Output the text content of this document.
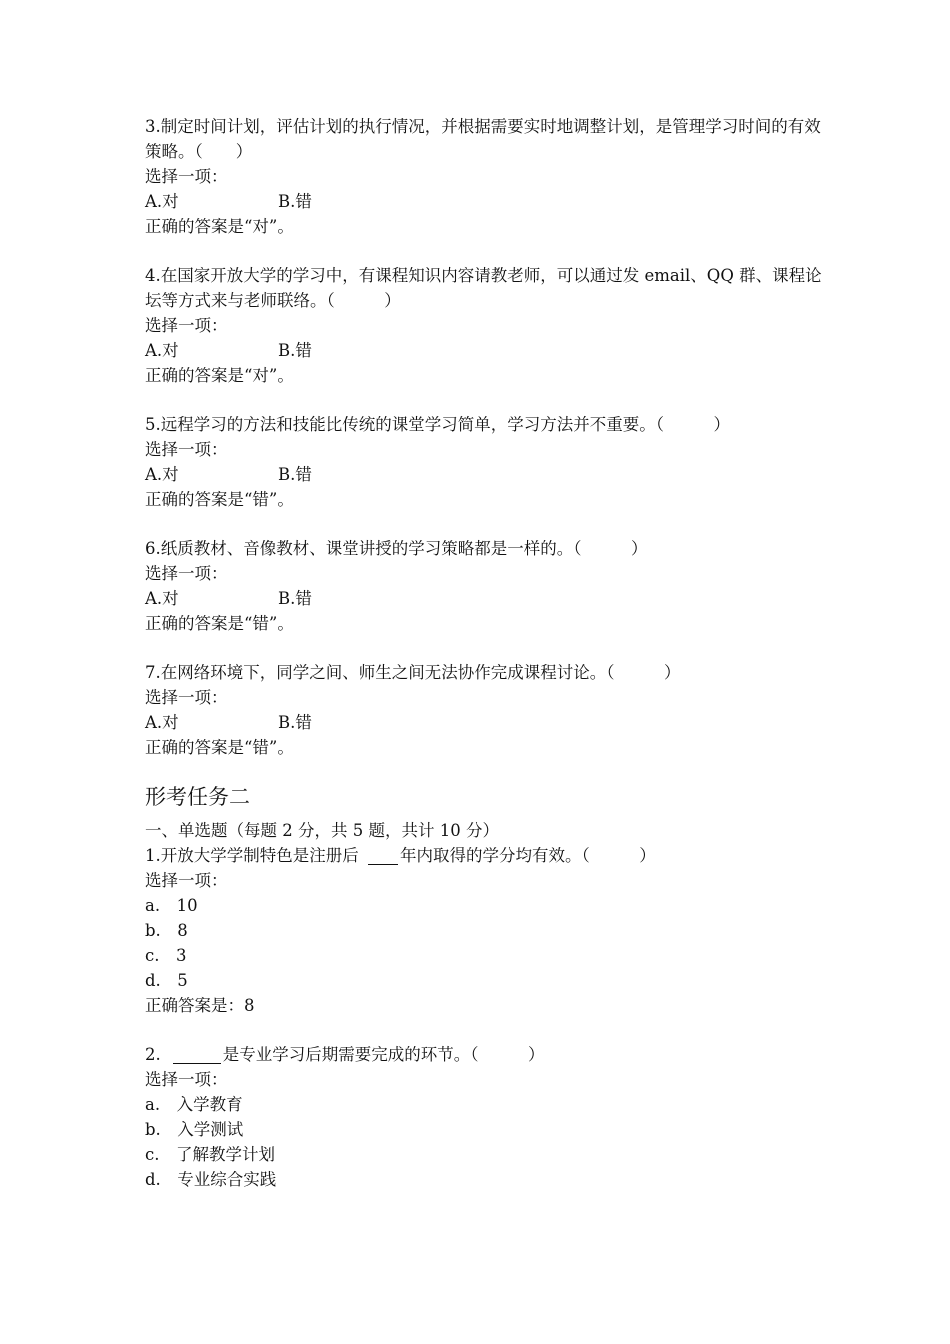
3.制定时间计划，评估计划的执行情况，并根据需要实时地调整计划，是管理学习时间的有效策略。（　　）
选择一项：
A.对	B.错
正确的答案是“对”。
4.在国家开放大学的学习中，有课程知识内容请教老师，可以通过发 email、QQ 群、课程论坛等方式来与老师联络。（　　　）
选择一项：
A.对	B.错
正确的答案是“对”。
5.远程学习的方法和技能比传统的课堂学习简单，学习方法并不重要。（　　　）
选择一项：
A.对	B.错
正确的答案是“错”。
6.纸质教材、音像教材、课堂讲授的学习策略都是一样的。（　　　）
选择一项：
A.对	B.错
正确的答案是“错”。
7.在网络环境下，同学之间、师生之间无法协作完成课程讨论。（　　　）
选择一项：
A.对	B.错
正确的答案是“错”。
形考任务二
一、单选题（每题 2 分，共 5 题，共计 10 分）
1.开放大学学制特色是注册后 年内取得的学分均有效。（　　　）
选择一项：
a.　10
b.　8
c.　3
d.　5
正确答案是：8
2.	是专业学习后期需要完成的环节。（　　　）
选择一项：
a.　入学教育
b.　入学测试
c.　了解教学计划
d.　专业综合实践
